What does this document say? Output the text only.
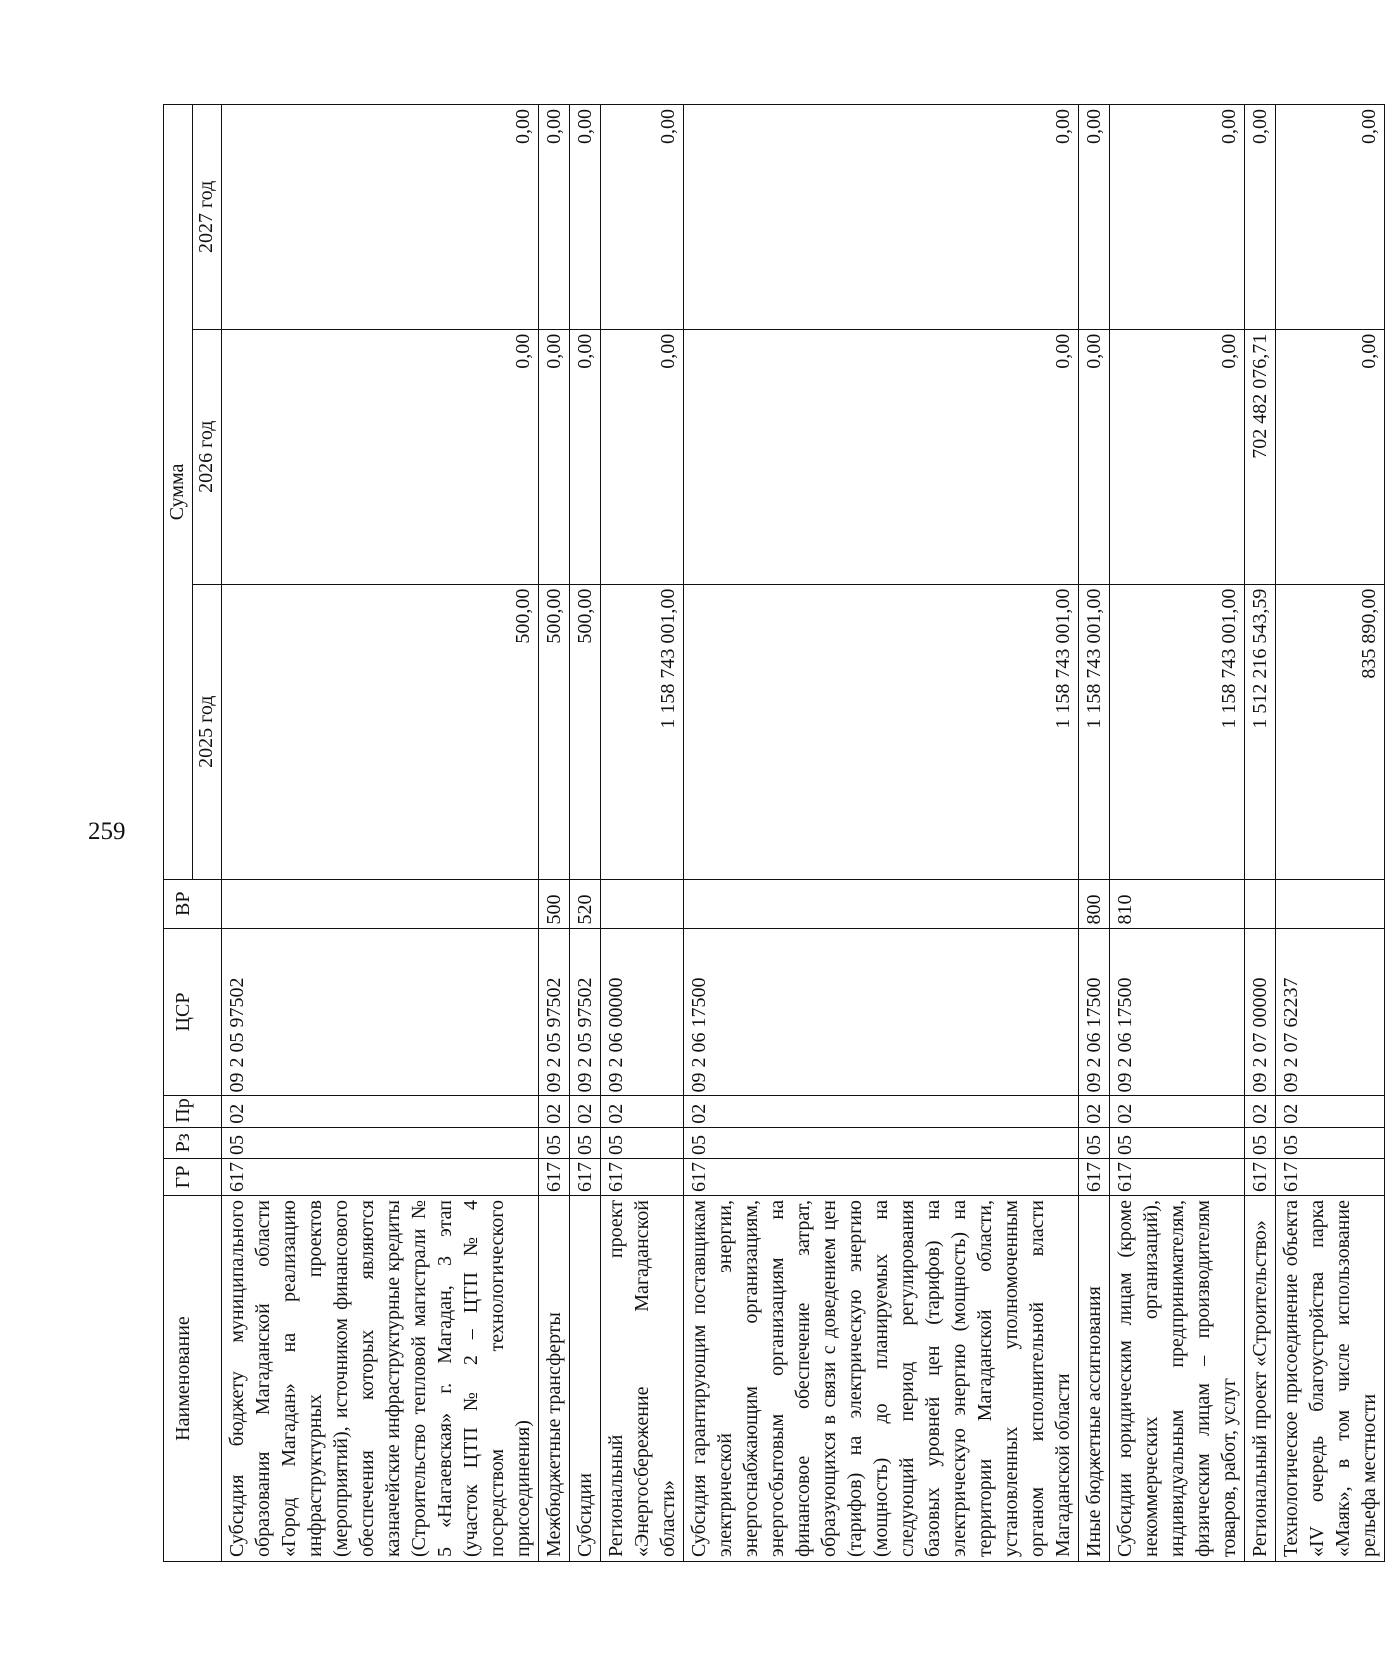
259
Наименование	ГР	Рз	Пр	ЦСР	ВР	Сумма		
						2025 год	2026 год	2027 год
Субсидия бюджету муниципального образования Магаданской области «Город Магадан» на реализацию инфраструктурных проектов (мероприятий), источником финансового обеспечения которых являются казначейские инфраструктурные кредиты (Строительство тепловой магистрали № 5 «Нагаевская» г. Магадан, 3 этап (участок ЦТП № 2 – ЦТП № 4 посредством технологического присоединения)	617	05	02	09 2 05 97502		500,00	0,00	0,00
Межбюджетные трансферты	617	05	02	09 2 05 97502	500	500,00	0,00	0,00
Субсидии	617	05	02	09 2 05 97502	520	500,00	0,00	0,00
Региональный проект «Энергосбережение Магаданской области»	617	05	02	09 2 06 00000		1 158 743 001,00	0,00	0,00
Субсидия гарантирующим поставщикам электрической энергии, энергоснабжающим организациям, энергосбытовым организациям на финансовое обеспечение затрат, образующихся в связи с доведением цен (тарифов) на электрическую энергию (мощность) до планируемых на следующий период регулирования базовых уровней цен (тарифов) на электрическую энергию (мощность) на территории Магаданской области, установленных уполномоченным органом исполнительной власти Магаданской области	617	05	02	09 2 06 17500		1 158 743 001,00	0,00	0,00
Иные бюджетные ассигнования	617	05	02	09 2 06 17500	800	1 158 743 001,00	0,00	0,00
Субсидии юридическим лицам (кроме некоммерческих организаций), индивидуальным предпринимателям, физическим лицам – производителям товаров, работ, услуг	617	05	02	09 2 06 17500	810	1 158 743 001,00	0,00	0,00
Региональный проект «Строительство»	617	05	02	09 2 07 00000		1 512 216 543,59	702 482 076,71	0,00
Технологическое присоединение объекта «IV очередь благоустройства парка «Маяк», в том числе использование рельефа местности	617	05	02	09 2 07 62237		835 890,00	0,00	0,00
